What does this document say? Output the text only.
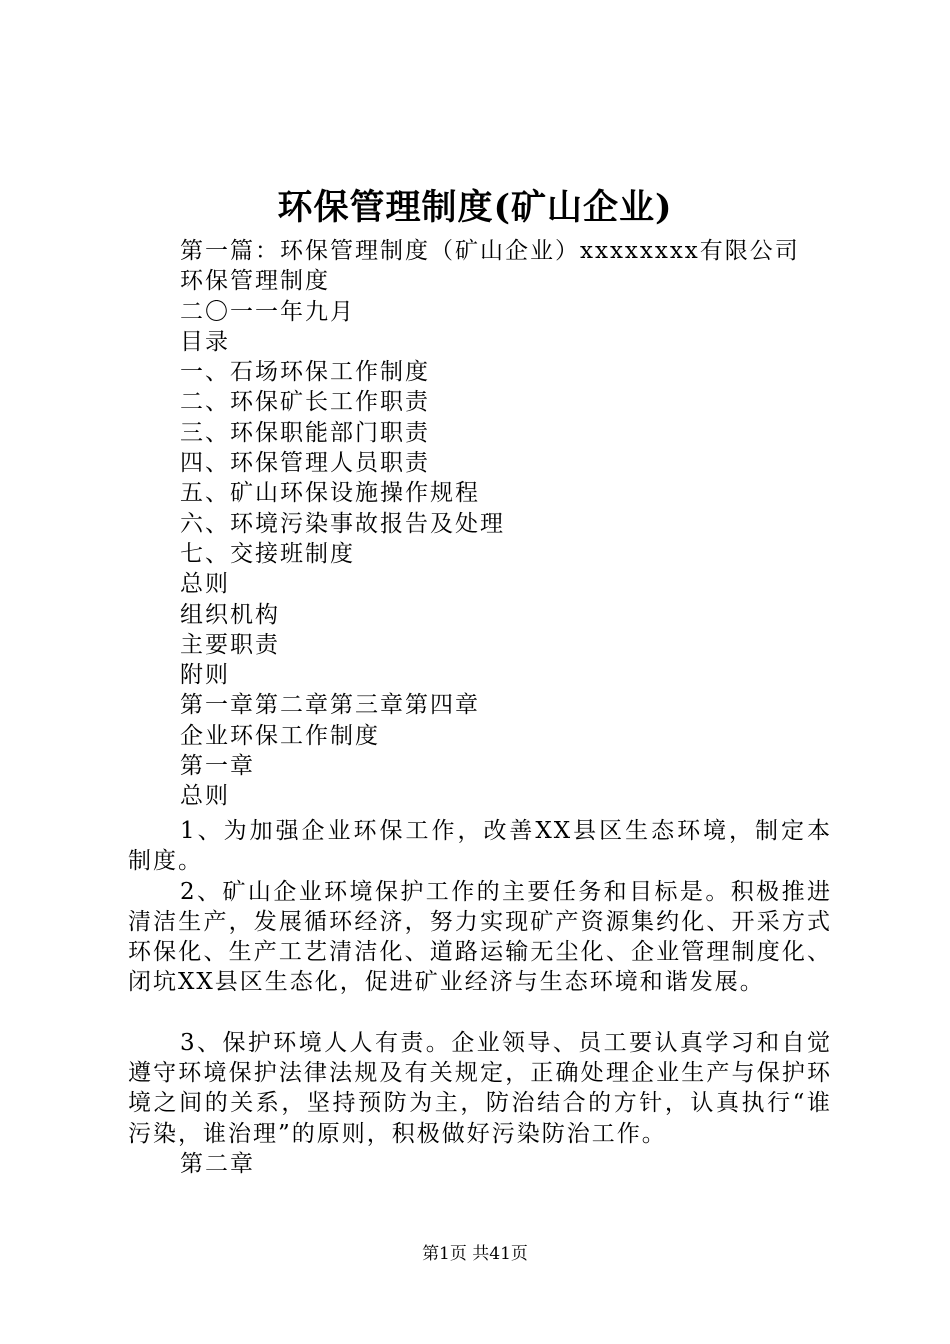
环保管理制度(矿山企业)
第一篇：环保管理制度（矿山企业）xxxxxxxx有限公司
环保管理制度
二〇一一年九月
目录
一、石场环保工作制度
二、环保矿长工作职责
三、环保职能部门职责
四、环保管理人员职责
五、矿山环保设施操作规程
六、环境污染事故报告及处理
七、交接班制度
总则
组织机构
主要职责
附则
第一章第二章第三章第四章
企业环保工作制度
第一章
总则

1、为加强企业环保工作，改善XX县区生态环境，制定本制度。

2、矿山企业环境保护工作的主要任务和目标是。积极推进清洁生产，发展循环经济，努力实现矿产资源集约化、开采方式环保化、生产工艺清洁化、道路运输无尘化、企业管理制度化、闭坑XX县区生态化，促进矿业经济与生态环境和谐发展。

3、保护环境人人有责。企业领导、员工要认真学习和自觉遵守环境保护法律法规及有关规定，正确处理企业生产与保护环境之间的关系，坚持预防为主，防治结合的方针，认真执行“谁污染，谁治理”的原则，积极做好污染防治工作。

第二章
第1页 共41页
